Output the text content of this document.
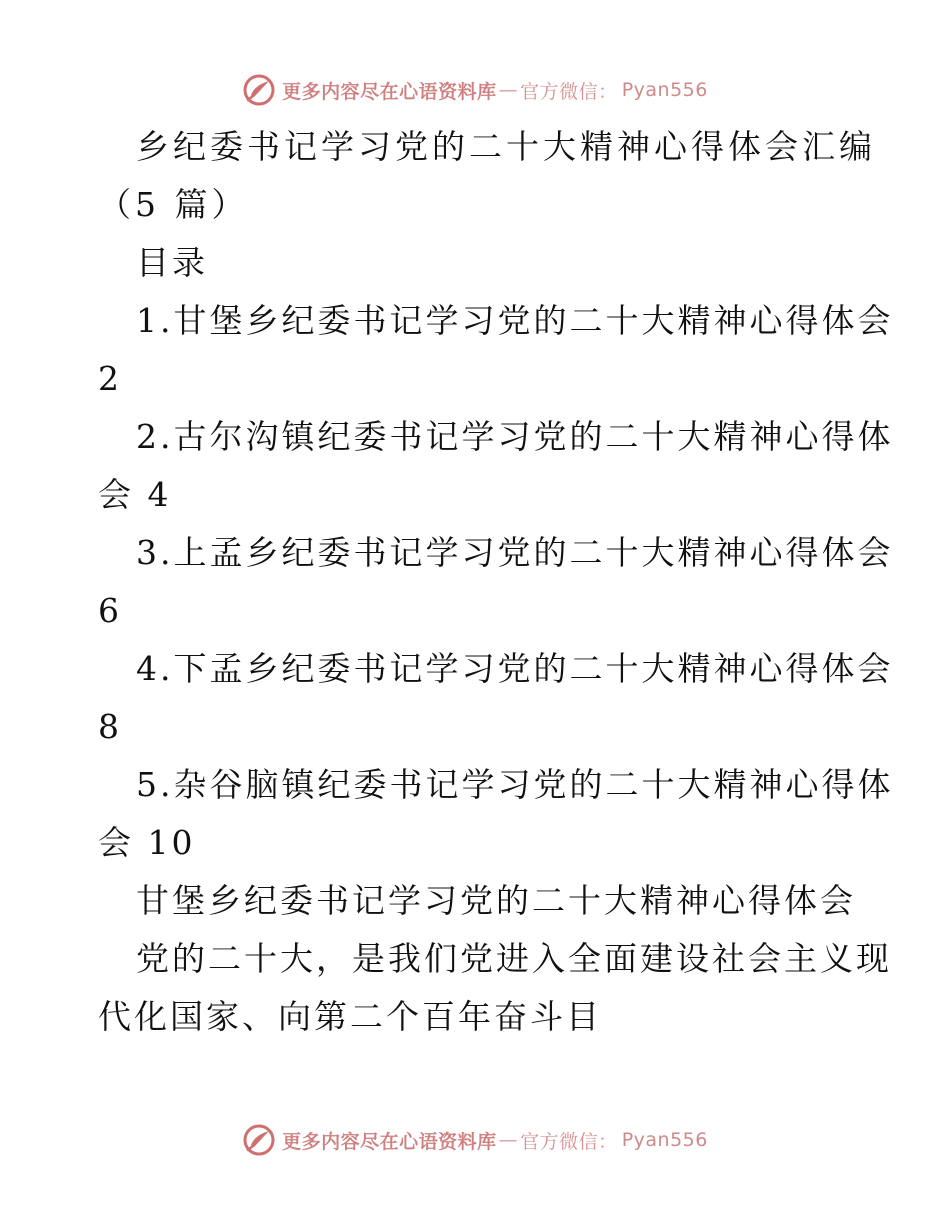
更多内容尽在心语资料库 — 官方微信： Pyan556
乡纪委书记学习党的二十大精神心得体会汇编
（5 篇）
目录
1.甘堡乡纪委书记学习党的二十大精神心得体会
2
2.古尔沟镇纪委书记学习党的二十大精神心得体
会 4
3.上孟乡纪委书记学习党的二十大精神心得体会
6
4.下孟乡纪委书记学习党的二十大精神心得体会
8
5.杂谷脑镇纪委书记学习党的二十大精神心得体
会 10
甘堡乡纪委书记学习党的二十大精神心得体会
党的二十大，是我们党进入全面建设社会主义现
代化国家、向第二个百年奋斗目
更多内容尽在心语资料库 — 官方微信： Pyan556
